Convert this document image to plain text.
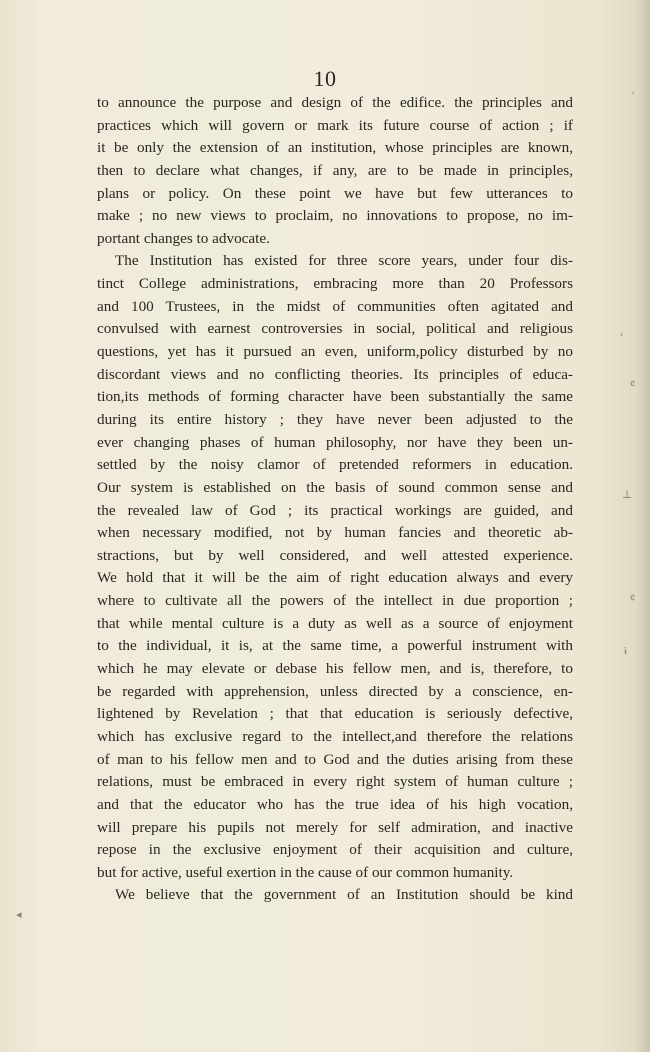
10
to announce the purpose and design of the edifice. the principles and
practices which will govern or mark its future course of action ; if
it be only the extension of an institution, whose principles are known,
then to declare what changes, if any, are to be made in principles,
plans or policy. On these point we have but few utterances to
make ; no new views to proclaim, no innovations to propose, no im-
portant changes to advocate.
The Institution has existed for three score years, under four dis-
tinct College administrations, embracing more than 20 Professors
and 100 Trustees, in the midst of communities often agitated and
convulsed with earnest controversies in social, political and religious
questions, yet has it pursued an even, uniform,policy disturbed by no
discordant views and no conflicting theories. Its principles of educa-
tion,its methods of forming character have been substantially the same
during its entire history ; they have never been adjusted to the
ever changing phases of human philosophy, nor have they been un-
settled by the noisy clamor of pretended reformers in education.
Our system is established on the basis of sound common sense and
the revealed law of God ; its practical workings are guided, and
when necessary modified, not by human fancies and theoretic ab-
stractions, but by well considered, and well attested experience.
We hold that it will be the aim of right education always and every
where to cultivate all the powers of the intellect in due proportion ;
that while mental culture is a duty as well as a source of enjoyment
to the individual, it is, at the same time, a powerful instrument with
which he may elevate or debase his fellow men, and is, therefore, to
be regarded with apprehension, unless directed by a conscience, en-
lightened by Revelation ; that that education is seriously defective,
which has exclusive regard to the intellect,and therefore the relations
of man to his fellow men and to God and the duties arising from these
relations, must be embraced in every right system of human culture ;
and that the educator who has the true idea of his high vocation,
will prepare his pupils not merely for self admiration, and inactive
repose in the exclusive enjoyment of their acquisition and culture,
but for active, useful exertion in the cause of our common humanity.
We believe that the government of an Institution should be kind
'
‹
¢
⊥
¢
ɨ
◂
